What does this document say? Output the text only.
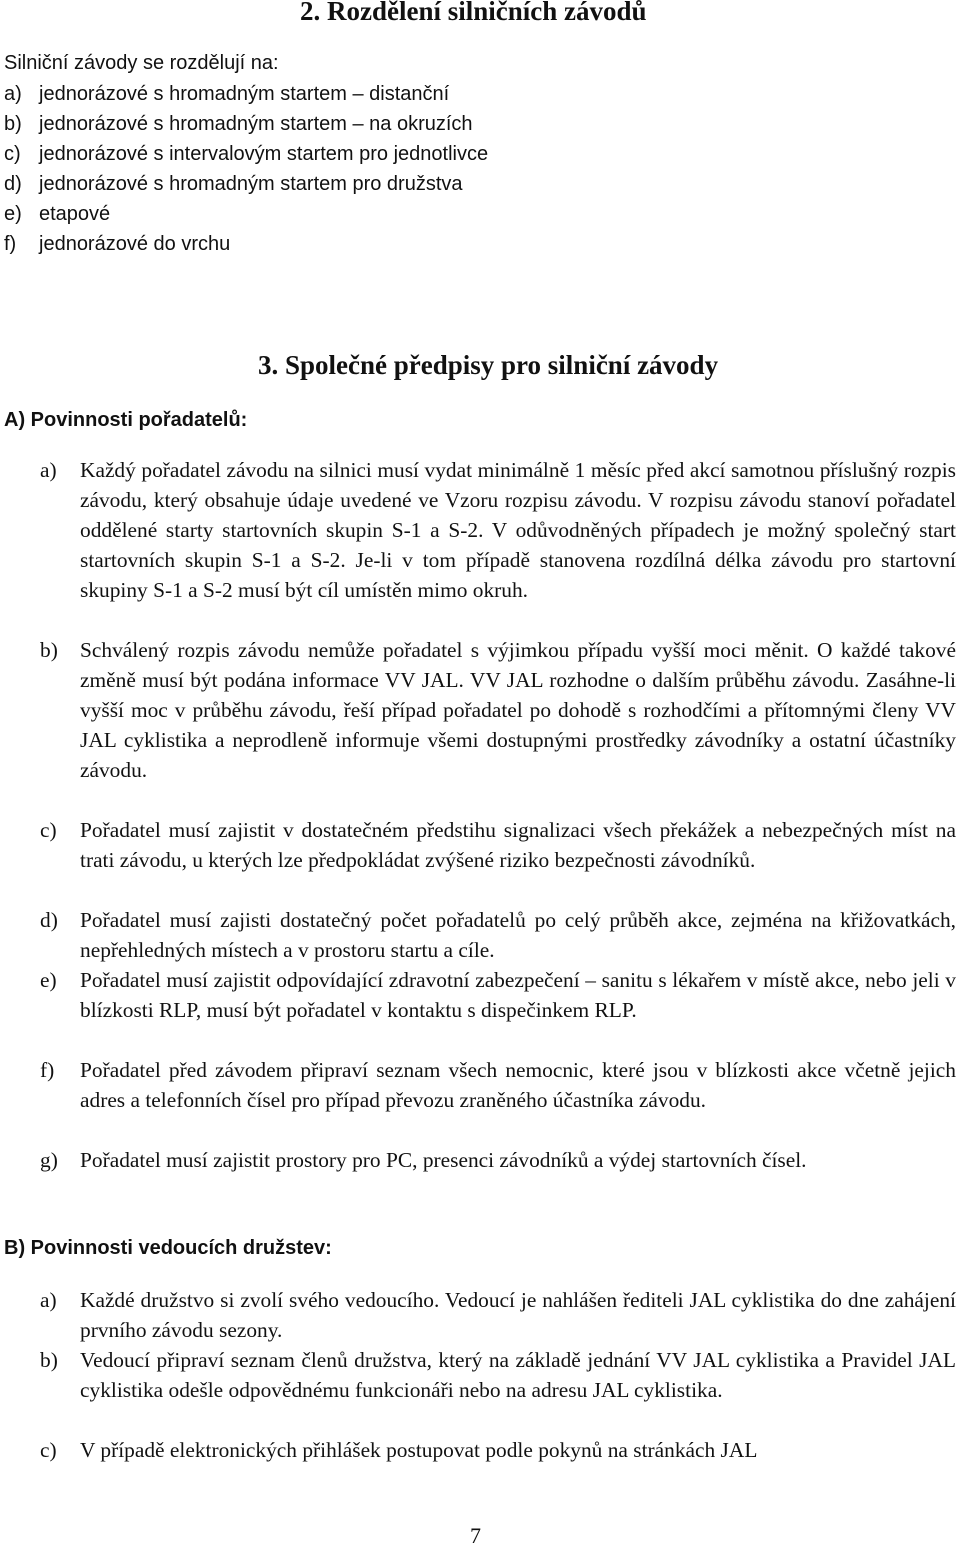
2. Rozdělení silničních závodů
Silniční závody se rozdělují na:
a) jednorázové s hromadným startem – distanční
b) jednorázové s hromadným startem – na okruzích
c) jednorázové s intervalovým startem pro jednotlivce
d) jednorázové s hromadným startem pro družstva
e) etapové
f) jednorázové do vrchu
3. Společné předpisy pro silniční závody
A) Povinnosti pořadatelů:
a) Každý pořadatel závodu na silnici musí vydat minimálně 1 měsíc před akcí samotnou příslušný rozpis závodu, který obsahuje údaje uvedené ve Vzoru rozpisu závodu. V rozpisu závodu stanoví pořadatel oddělené starty startovních skupin S-1 a S-2. V odůvodněných případech je možný společný start startovních skupin S-1 a S-2. Je-li v tom případě stanovena rozdílná délka závodu pro startovní skupiny S-1 a S-2 musí být cíl umístěn mimo okruh.
b) Schválený rozpis závodu nemůže pořadatel s výjimkou případu vyšší moci měnit. O každé takové změně musí být podána informace VV JAL. VV JAL rozhodne o dalším průběhu závodu. Zasáhne-li vyšší moc v průběhu závodu, řeší případ pořadatel po dohodě s rozhodčími a přítomnými členy VV JAL cyklistika a neprodleně informuje všemi dostupnými prostředky závodníky a ostatní účastníky závodu.
c) Pořadatel musí zajistit v dostatečném předstihu signalizaci všech překážek a nebezpečných míst na trati závodu, u kterých lze předpokládat zvýšené riziko bezpečnosti závodníků.
d) Pořadatel musí zajisti dostatečný počet pořadatelů po celý průběh akce, zejména na křižovatkách, nepřehledných místech a v prostoru startu a cíle.
e) Pořadatel musí zajistit odpovídající zdravotní zabezpečení – sanitu s lékařem v místě akce, nebo jeli v blízkosti RLP, musí být pořadatel v kontaktu s dispečinkem RLP.
f) Pořadatel před závodem připraví seznam všech nemocnic, které jsou v blízkosti akce včetně jejich adres a telefonních čísel pro případ převozu zraněného účastníka závodu.
g) Pořadatel musí zajistit prostory pro PC, presenci závodníků a výdej startovních čísel.
B) Povinnosti vedoucích družstev:
a) Každé družstvo si zvolí svého vedoucího. Vedoucí je nahlášen řediteli JAL cyklistika do dne zahájení prvního závodu sezony.
b) Vedoucí připraví seznam členů družstva, který na základě jednání VV JAL cyklistika a Pravidel JAL cyklistika odešle odpovědnému funkcionáři nebo na adresu JAL cyklistika.
c) V případě elektronických přihlášek postupovat podle pokynů na stránkách JAL
7
